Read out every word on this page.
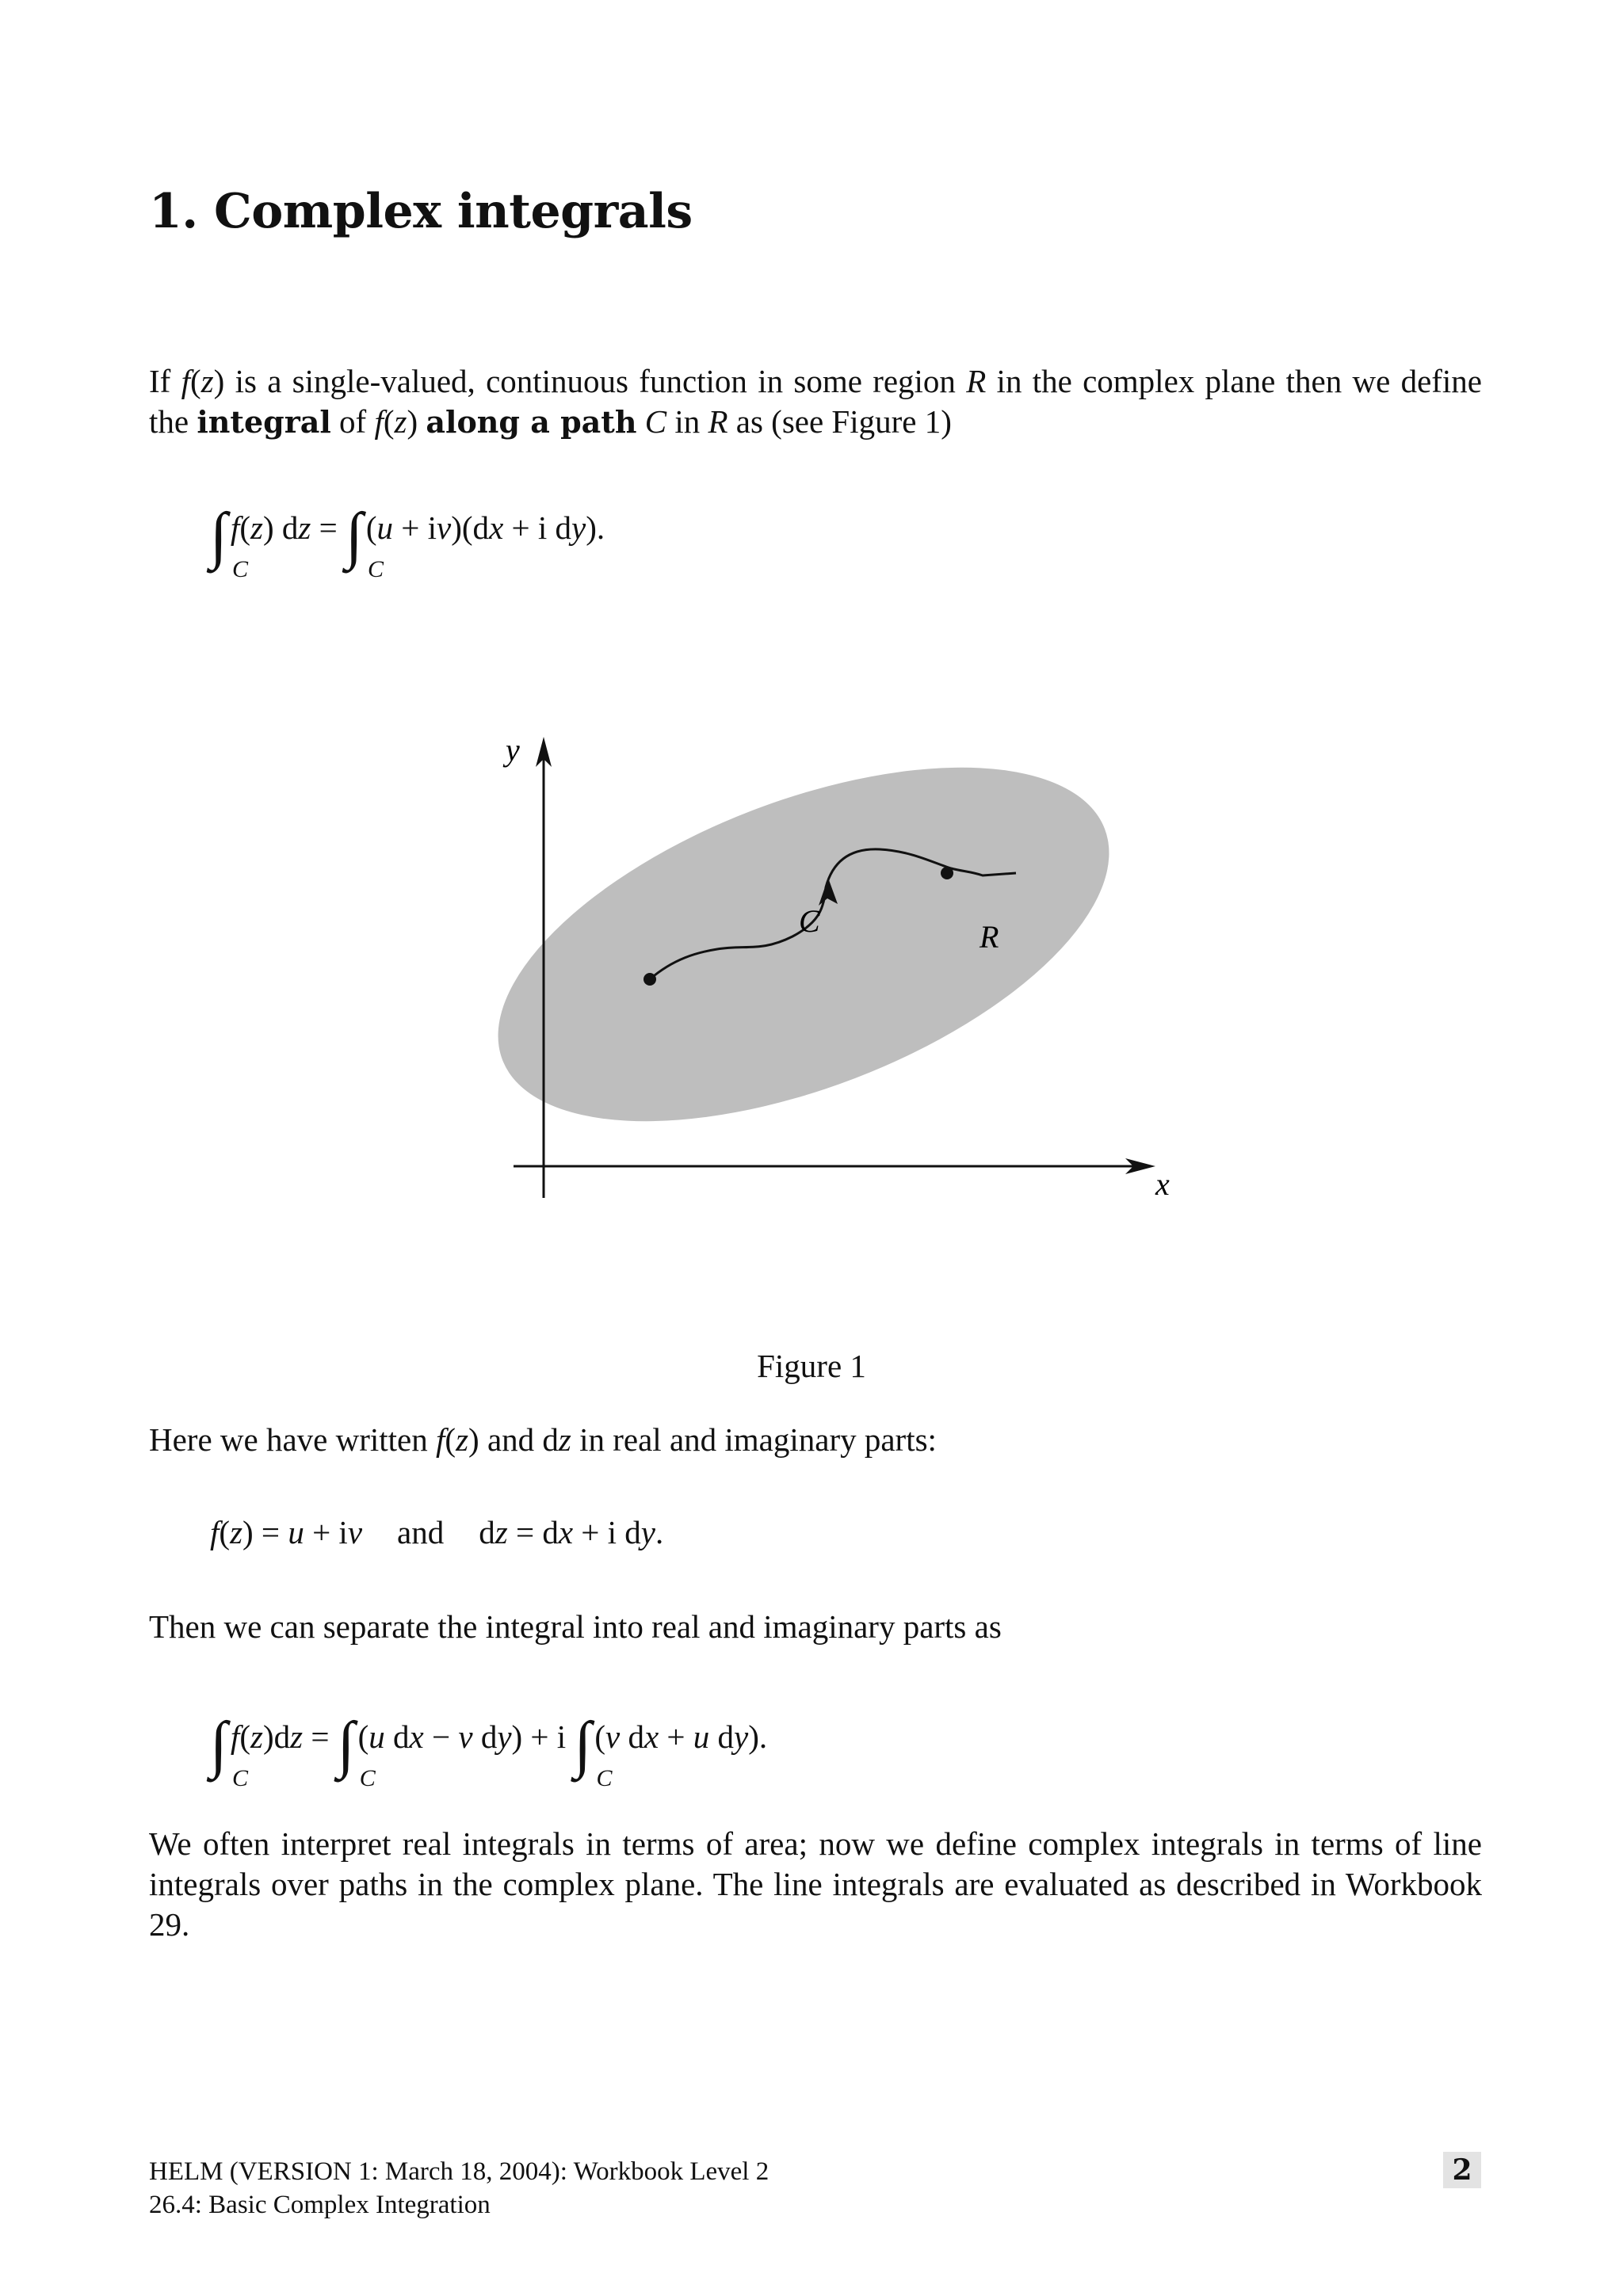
1. Complex integrals

If f(z) is a single-valued, continuous function in some region R in the complex plane then we define the integral of f(z) along a path C in R as (see Figure 1)

∫ C
f(z) dz = ∫ C
(u + iv)(dx + i dy).

y
x
C	R

Figure 1

Here we have written f(z) and dz in real and imaginary parts:

f(z) = u + iv and dz = dx + i dy.

Then we can separate the integral into real and imaginary parts as

∫ C
f(z)dz = ∫ C
(u dx − v dy) + i ∫ C
(v dx + u dy).

We often interpret real integrals in terms of area; now we define complex integrals in terms of line integrals over paths in the complex plane. The line integrals are evaluated as described in Workbook 29.

HELM (VERSION 1: March 18, 2004): Workbook Level 2
26.4: Basic Complex Integration
2
